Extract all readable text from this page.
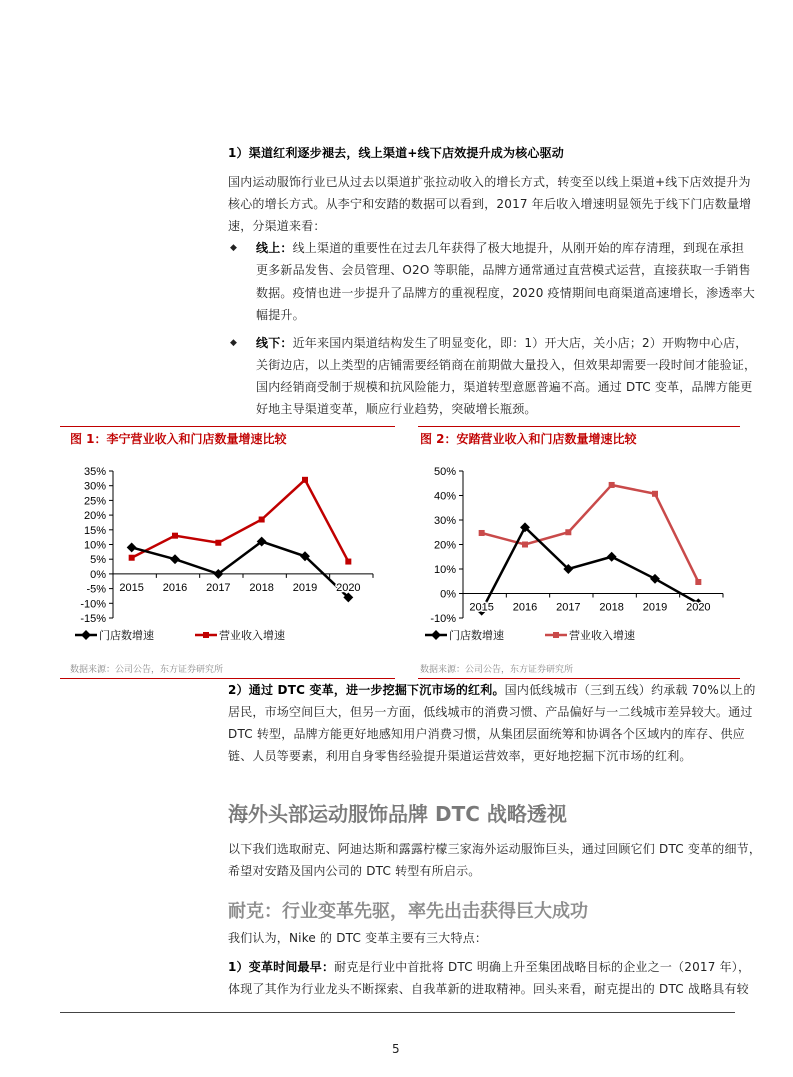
1）渠道红利逐步褪去，线上渠道+线下店效提升成为核心驱动
国内运动服饰行业已从过去以渠道扩张拉动收入的增长方式，转变至以线上渠道+线下店效提升为
核心的增长方式。从李宁和安踏的数据可以看到，2017 年后收入增速明显领先于线下门店数量增
速，分渠道来看：
◆ 线上：线上渠道的重要性在过去几年获得了极大地提升，从刚开始的库存清理，到现在承担
更多新品发售、会员管理、O2O 等职能，品牌方通常通过直营模式运营，直接获取一手销售
数据。疫情也进一步提升了品牌方的重视程度，2020 疫情期间电商渠道高速增长，渗透率大
幅提升。
◆ 线下：近年来国内渠道结构发生了明显变化，即：1）开大店，关小店；2）开购物中心店，
关街边店，以上类型的店铺需要经销商在前期做大量投入，但效果却需要一段时间才能验证，
国内经销商受制于规模和抗风险能力，渠道转型意愿普遍不高。通过 DTC 变革，品牌方能更
好地主导渠道变革，顺应行业趋势，突破增长瓶颈。
图 1：李宁营业收入和门店数量增速比较
35%
30%
25%
20%
15%
10%
5%
0%
-5%
-10%
-15%
2015 2016 2017 2018 2019 2020
门店数增速	营业收入增速
数据来源：公司公告，东方证券研究所
图 2：安踏营业收入和门店数量增速比较
50%
40%
30%
20%
10%
0%
-10%
2015 2016 2017 2018 2019 2020
门店数增速	营业收入增速
数据来源：公司公告，东方证券研究所
2）通过 DTC 变革，进一步挖掘下沉市场的红利。国内低线城市（三到五线）约承载 70%以上的
居民，市场空间巨大，但另一方面，低线城市的消费习惯、产品偏好与一二线城市差异较大。通过
DTC 转型，品牌方能更好地感知用户消费习惯，从集团层面统筹和协调各个区域内的库存、供应
链、人员等要素，利用自身零售经验提升渠道运营效率，更好地挖掘下沉市场的红利。
海外头部运动服饰品牌 DTC 战略透视
以下我们选取耐克、阿迪达斯和露露柠檬三家海外运动服饰巨头，通过回顾它们 DTC 变革的细节，
希望对安踏及国内公司的 DTC 转型有所启示。
耐克：行业变革先驱，率先出击获得巨大成功
我们认为，Nike 的 DTC 变革主要有三大特点：
1）变革时间最早：耐克是行业中首批将 DTC 明确上升至集团战略目标的企业之一（2017 年），
体现了其作为行业龙头不断探索、自我革新的进取精神。回头来看，耐克提出的 DTC 战略具有较
5
